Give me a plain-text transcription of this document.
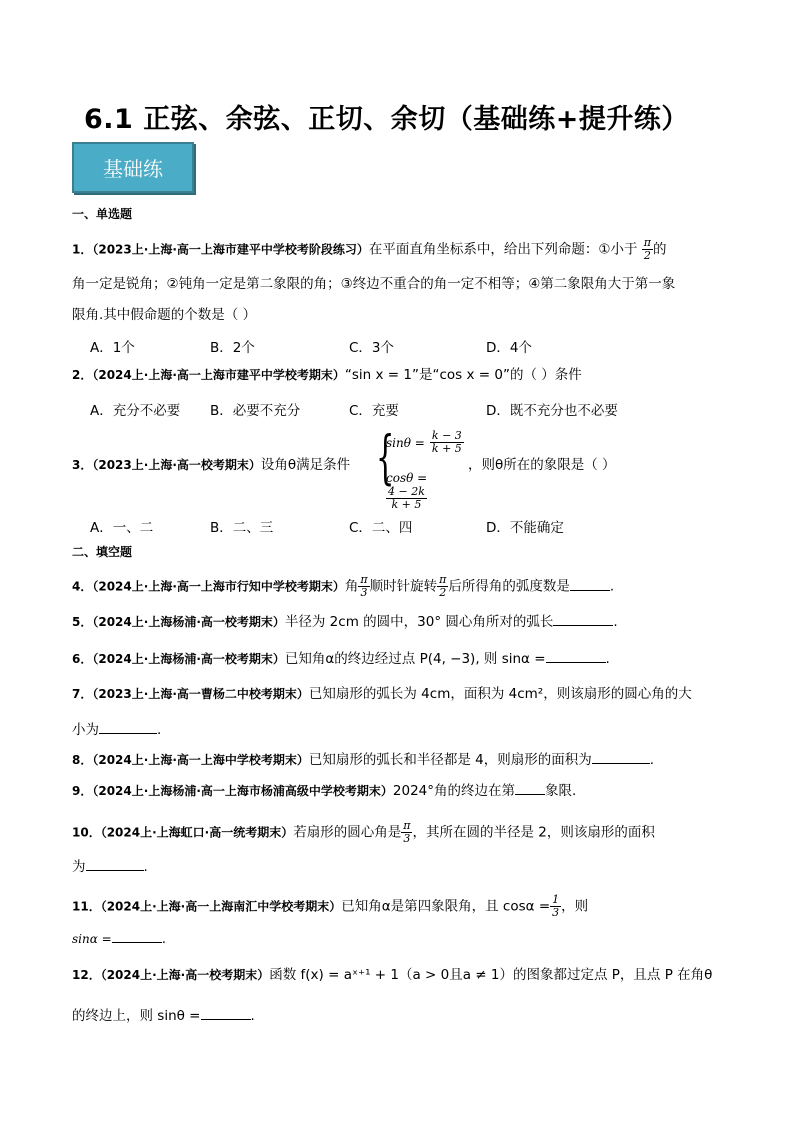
6.1 正弦、余弦、正切、余切（基础练+提升练）
基础练
一、单选题
1．（2023上·上海·高一上海市建平中学校考阶段练习）在平面直角坐标系中，给出下列命题：①小于 $\frac{\pi}{2}$ 的
角一定是锐角；②钝角一定是第二象限的角；③终边不重合的角一定不相等；④第二象限角大于第一象
限角.其中假命题的个数是（ ）
A．1个	B．2个	C．3个	D．4个
2．（2024上·上海·高一上海市建平中学校考期末）“sin x = 1”是“cos x = 0”的（ ）条件
A．充分不必要 B．必要不充分	C．充要	D．既不充分也不必要
3．（2023上·上海·高一校考期末）设角θ满足条件 {
$\sin\theta = \frac{k - 3}{k + 5}$
cosθ =
$\frac{4 - 2k}{k + 5}$
，则θ所在的象限是（ ）
A．一、二	B．二、三	C．二、四	D．不能确定
二、填空题
4．（2024上·上海·高一上海市行知中学校考期末）角 $\frac{\pi}{3}$ 顺时针旋转 $\frac{\pi}{2}$ 后所得角的弧度数是	.
5．（2024上·上海杨浦·高一校考期末）半径为 2cm 的圆中，30° 圆心角所对的弧长	.
6．（2024上·上海杨浦·高一校考期末）已知角α的终边经过点 P(4, −3), 则 sinα =	.
7．（2023上·上海·高一曹杨二中校考期末）已知扇形的弧长为 4cm，面积为 4cm²，则该扇形的圆心角的大
小为	.
8．（2024上·上海·高一上海中学校考期末）已知扇形的弧长和半径都是 4，则扇形的面积为	.
9．（2024上·上海杨浦·高一上海市杨浦高级中学校考期末）2024°角的终边在第 象限.
10．（2024上·上海虹口·高一统考期末）若扇形的圆心角是 $\frac{\pi}{3}$ ，其所在圆的半径是 2，则该扇形的面积
为	.
11．（2024上·上海·高一上海南汇中学校考期末）已知角α是第四象限角，且 $\cos\alpha = \frac{1}{3}$ ，则
sinα =	.
12．（2024上·上海·高一校考期末）函数 f(x) = aˣ⁺¹ + 1（a > 0且a ≠ 1）的图象都过定点 P，且点 P 在角θ
的终边上，则 sinθ =	.
